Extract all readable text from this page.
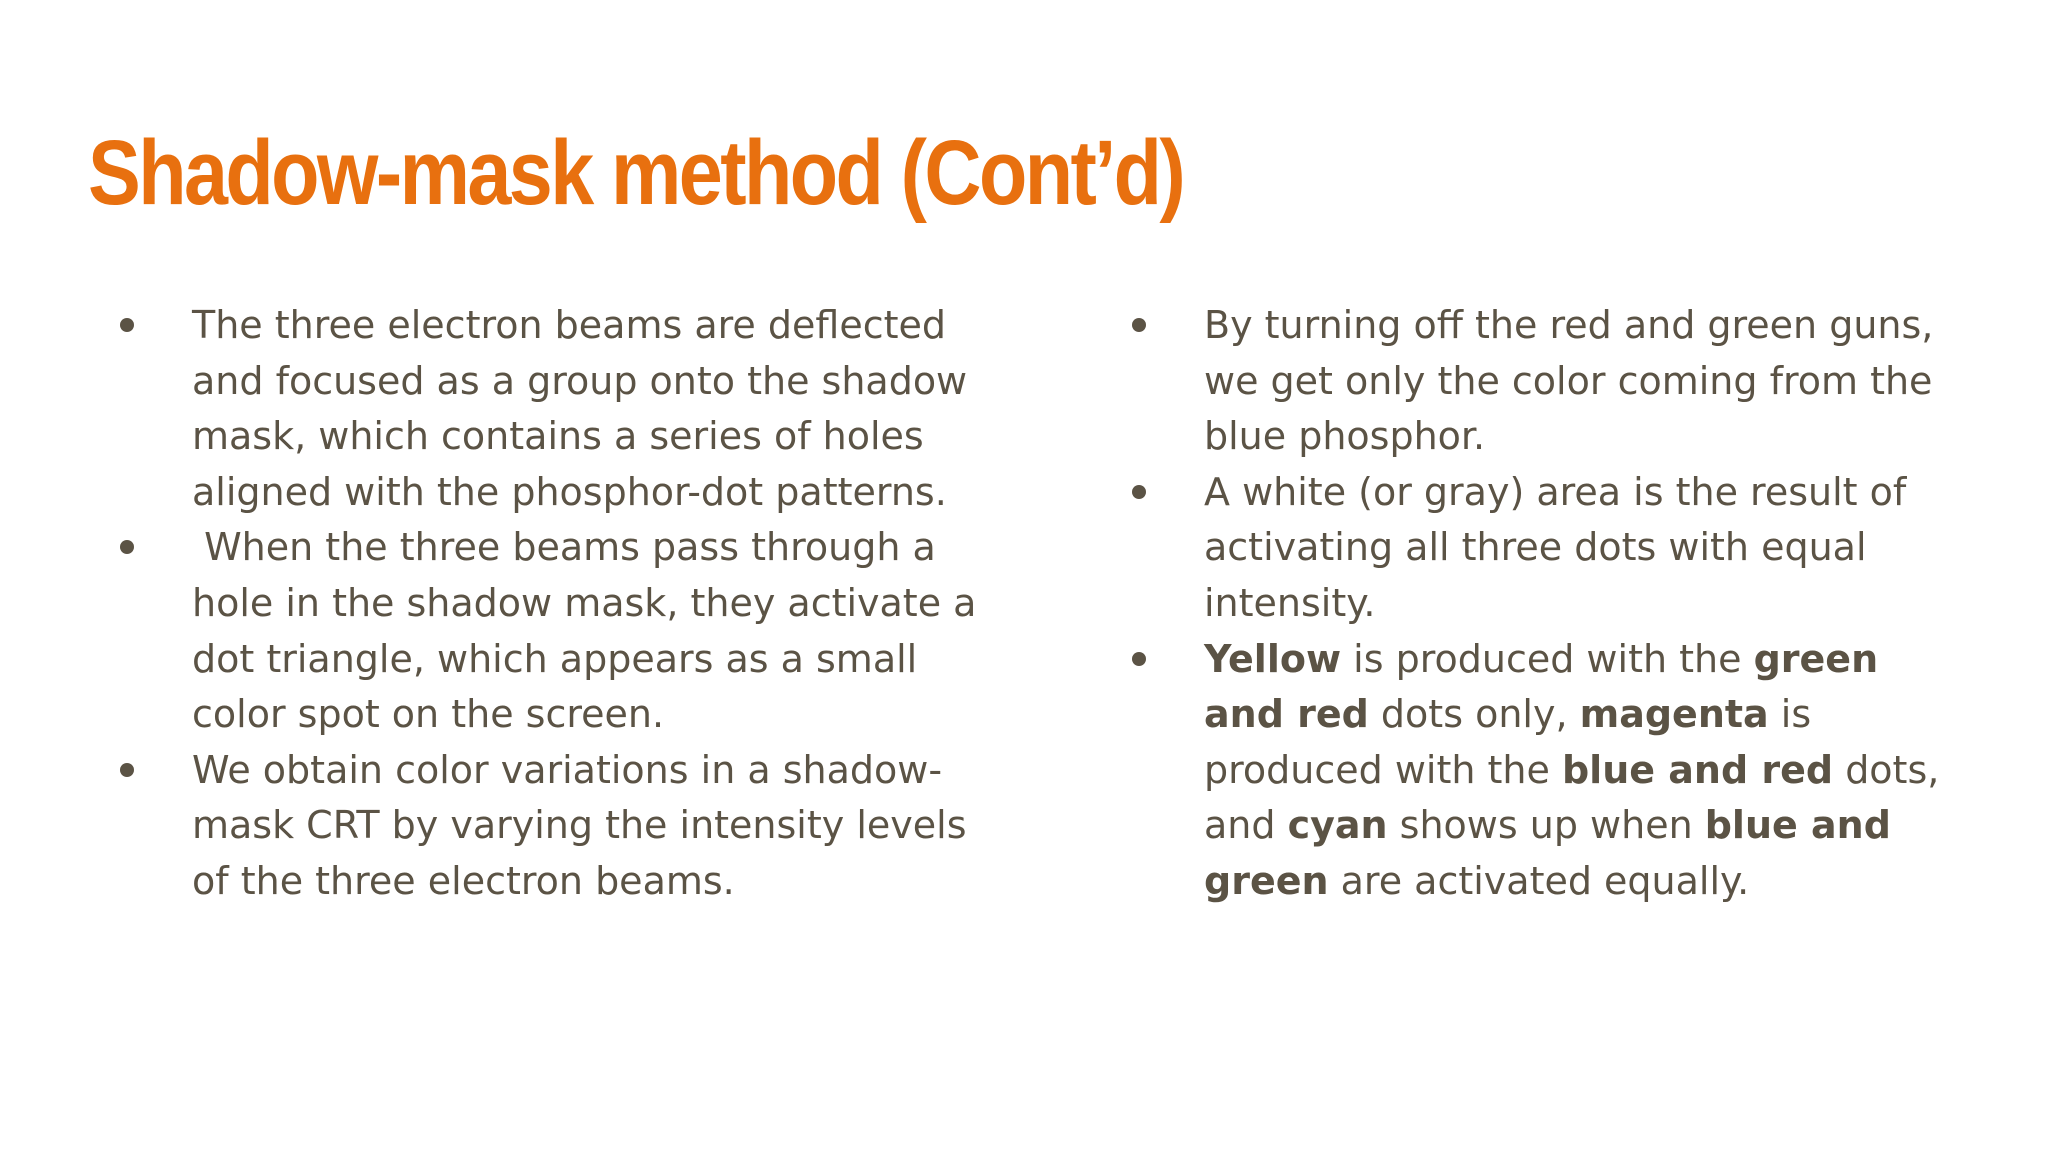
Shadow-mask method (Cont’d)
The three electron beams are deflected and focused as a group onto the shadow mask, which contains a series of holes aligned with the phosphor-dot patterns.
When the three beams pass through a hole in the shadow mask, they activate a dot triangle, which appears as a small color spot on the screen.
We obtain color variations in a shadow-mask CRT by varying the intensity levels of the three electron beams.
By turning off the red and green guns, we get only the color coming from the blue phosphor.
A white (or gray) area is the result of activating all three dots with equal intensity.
Yellow is produced with the green and red dots only, magenta is produced with the blue and red dots, and cyan shows up when blue and green are activated equally.
